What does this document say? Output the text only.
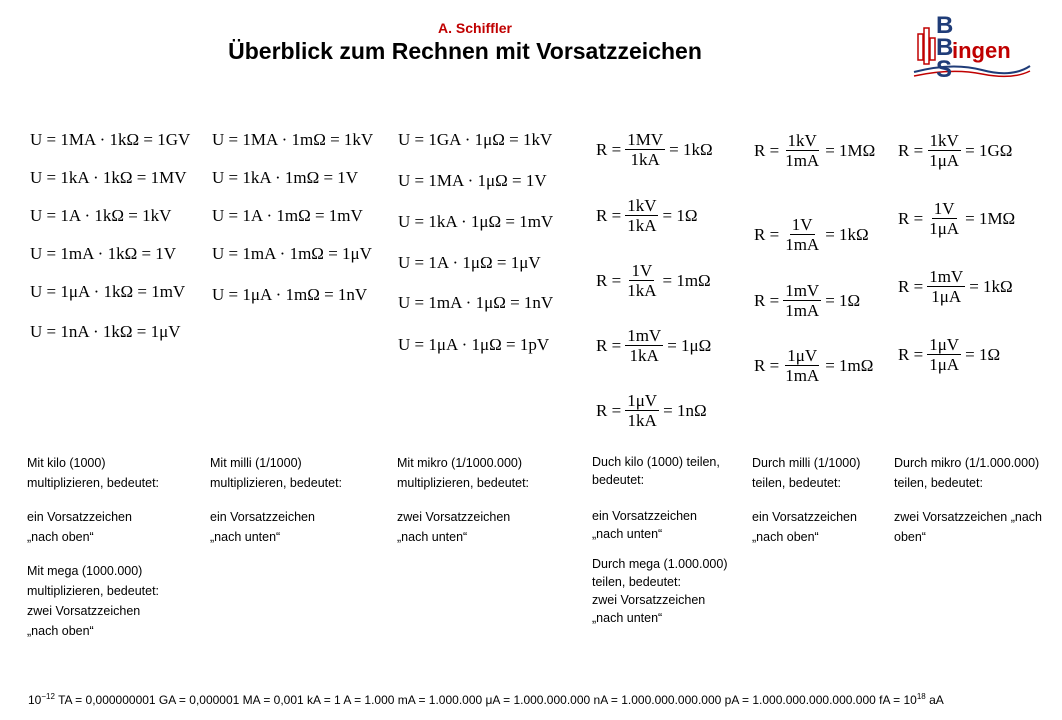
A. Schiffler
Überblick zum Rechnen mit Vorsatzzeichen
B
B
ingen
S
U = 1MA · 1kΩ = 1GV
U = 1kA · 1kΩ = 1MV
U = 1A · 1kΩ = 1kV
U = 1mA · 1kΩ = 1V
U = 1μA · 1kΩ = 1mV
U = 1nA · 1kΩ = 1μV
U = 1MA · 1mΩ = 1kV
U = 1kA · 1mΩ = 1V
U = 1A · 1mΩ = 1mV
U = 1mA · 1mΩ = 1μV
U = 1μA · 1mΩ = 1nV
U = 1GA · 1μΩ = 1kV
U = 1MA · 1μΩ = 1V
U = 1kA · 1μΩ = 1mV
U = 1A · 1μΩ = 1μV
U = 1mA · 1μΩ = 1nV
U = 1μA · 1μΩ = 1pV
R
= $\frac{1MV}{1kA}$ =
1kΩ
R
= $\frac{1kV}{1kA}$ =
1Ω
R
= $\frac{1V}{1kA}$ =
1mΩ
R
= $\frac{1mV}{1kA}$ =
1μΩ
R
= $\frac{1\mu V}{1kA}$ =
1nΩ
R
= $\frac{1kV}{1mA}$ =
1MΩ
R
= $\frac{1V}{1mA}$ =
1kΩ
R
= $\frac{1mV}{1mA}$ =
1Ω
R
= $\frac{1\mu V}{1mA}$ =
1mΩ
R
= $\frac{1kV}{1\mu A}$ =
1GΩ
R
= $\frac{1V}{1\mu A}$ =
1MΩ
R
= $\frac{1mV}{1\mu A}$ =
1kΩ
R
= $\frac{1\mu V}{1\mu A}$ =
1Ω
Mit kilo (1000)
multiplizieren, bedeutet:
ein Vorsatzzeichen
„nach oben“
Mit mega (1000.000)
multiplizieren, bedeutet:
zwei Vorsatzzeichen
„nach oben“
Mit milli (1/1000)
multiplizieren, bedeutet:
ein Vorsatzzeichen
„nach unten“
Mit mikro (1/1000.000)
multiplizieren, bedeutet:
zwei Vorsatzzeichen
„nach unten“
Duch kilo (1000) teilen,
bedeutet:
ein Vorsatzzeichen
„nach unten“
Durch mega (1.000.000)
teilen, bedeutet:
zwei Vorsatzzeichen
„nach unten“
Durch milli (1/1000)
teilen, bedeutet:
ein Vorsatzzeichen
„nach oben“
Durch mikro (1/1.000.000)
teilen, bedeutet:
zwei Vorsatzzeichen „nach
oben“
$10^{-12}$ TA = 0,000000001 GA = 0,000001 MA = 0,001 kA = 1 A = 1.000 mA = 1.000.000 μA = 1.000.000.000 nA = 1.000.000.000.000 pA = 1.000.000.000.000.000 fA = $10^{18}$ aA
